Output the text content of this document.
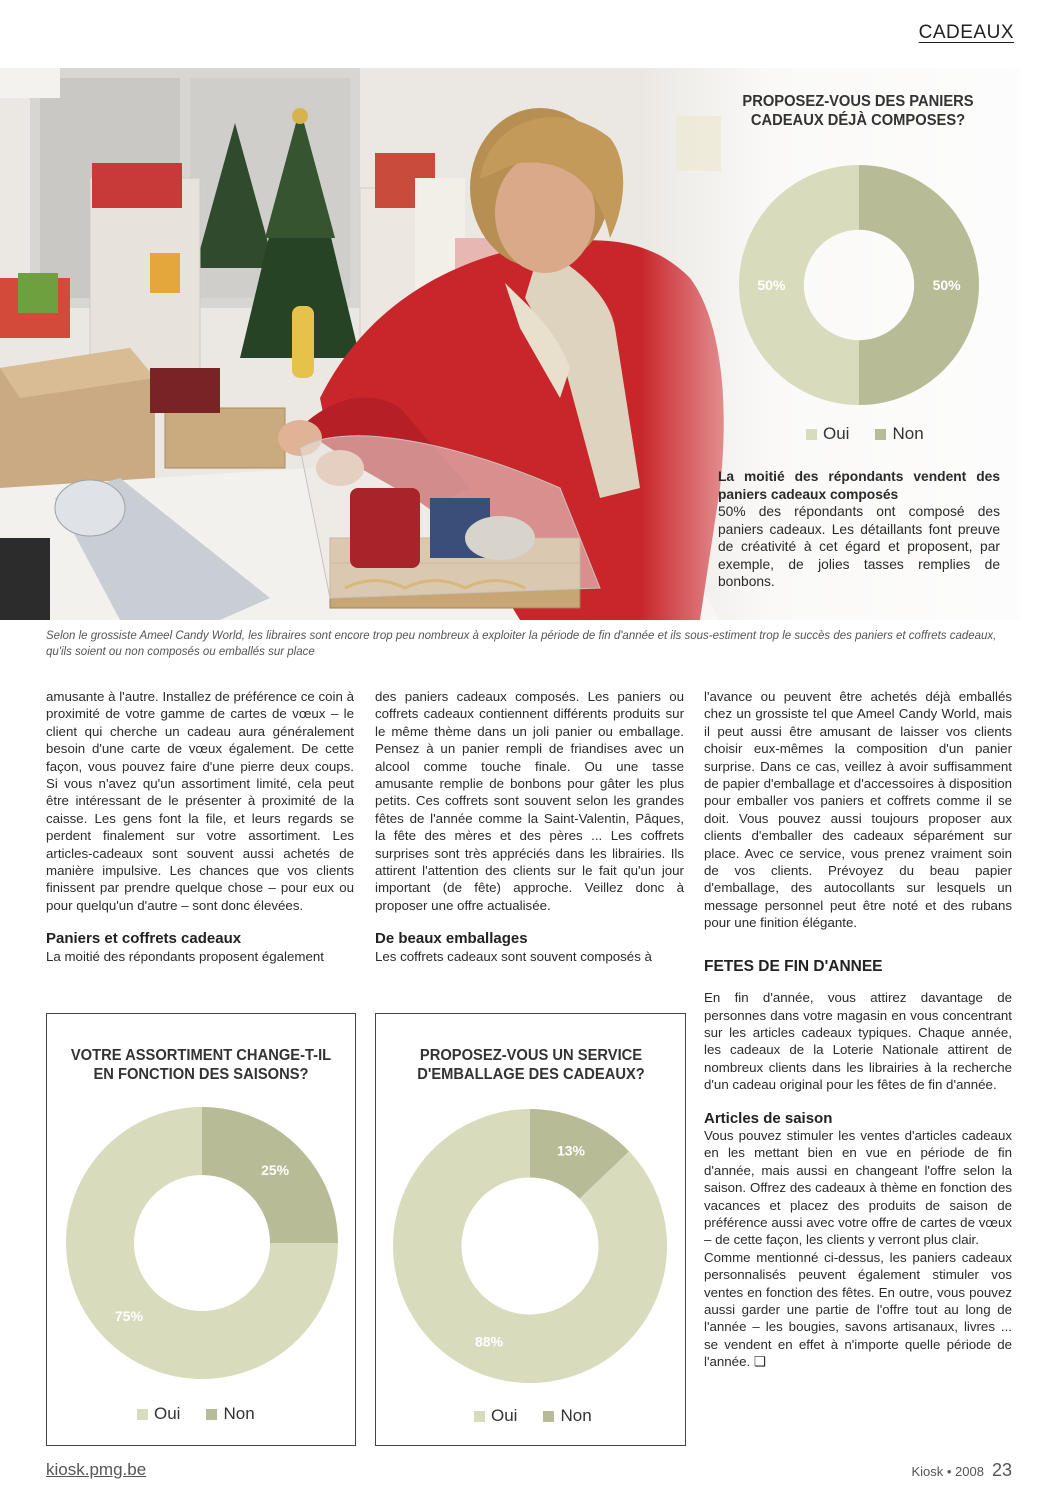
CADEAUX
PROPOSEZ-VOUS DES PANIERS CADEAUX DÉJÀ COMPOSES?
50%
50%
Oui	Non
La moitié des répondants vendent des paniers cadeaux composés
50% des répondants ont composé des paniers cadeaux. Les détaillants font preuve de créativité à cet égard et proposent, par exemple, de jolies tasses remplies de bonbons.
Selon le grossiste Ameel Candy World, les libraires sont encore trop peu nombreux à exploiter la période de fin d'année et ils sous-estiment trop le succès des paniers et coffrets cadeaux, qu'ils soient ou non composés ou emballés sur place

amusante à l'autre. Installez de préférence ce coin à proximité de votre gamme de cartes de vœux – le client qui cherche un cadeau aura généralement besoin d'une carte de vœux également. De cette façon, vous pouvez faire d'une pierre deux coups. Si vous n'avez qu'un assortiment limité, cela peut être intéressant de le présenter à proximité de la caisse. Les gens font la file, et leurs regards se perdent finalement sur votre assortiment. Les articles-cadeaux sont souvent aussi achetés de manière impulsive. Les chances que vos clients finissent par prendre quelque chose – pour eux ou pour quelqu'un d'autre – sont donc élevées.

Paniers et coffrets cadeaux

La moitié des répondants proposent également

des paniers cadeaux composés. Les paniers ou coffrets cadeaux contiennent différents produits sur le même thème dans un joli panier ou emballage. Pensez à un panier rempli de friandises avec un alcool comme touche finale. Ou une tasse amusante remplie de bonbons pour gâter les plus petits. Ces coffrets sont souvent selon les grandes fêtes de l'année comme la Saint-Valentin, Pâques, la fête des mères et des pères ... Les coffrets surprises sont très appréciés dans les librairies. Ils attirent l'attention des clients sur le fait qu'un jour important (de fête) approche. Veillez donc à proposer une offre actualisée.

De beaux emballages

Les coffrets cadeaux sont souvent composés à

l'avance ou peuvent être achetés déjà emballés chez un grossiste tel que Ameel Candy World, mais il peut aussi être amusant de laisser vos clients choisir eux-mêmes la composition d'un panier surprise. Dans ce cas, veillez à avoir suffisamment de papier d'emballage et d'accessoires à disposition pour emballer vos paniers et coffrets comme il se doit. Vous pouvez aussi toujours proposer aux clients d'emballer des cadeaux séparément sur place. Avec ce service, vous prenez vraiment soin de vos clients. Prévoyez du beau papier d'emballage, des autocollants sur lesquels un message personnel peut être noté et des rubans pour une finition élégante.

FETES DE FIN D'ANNEE

En fin d'année, vous attirez davantage de personnes dans votre magasin en vous concentrant sur les articles cadeaux typiques. Chaque année, les cadeaux de la Loterie Nationale attirent de nombreux clients dans les librairies à la recherche d'un cadeau original pour les fêtes de fin d'année.

Articles de saison

Vous pouvez stimuler les ventes d'articles cadeaux en les mettant bien en vue en période de fin d'année, mais aussi en changeant l'offre selon la saison. Offrez des cadeaux à thème en fonction des vacances et placez des produits de saison de préférence aussi avec votre offre de cartes de vœux – de cette façon, les clients y verront plus clair.

Comme mentionné ci-dessus, les paniers cadeaux personnalisés peuvent également stimuler vos ventes en fonction des fêtes. En outre, vous pouvez aussi garder une partie de l'offre tout au long de l'année – les bougies, savons artisanaux, livres ... se vendent en effet à n'importe quelle période de l'année. ❑

VOTRE ASSORTIMENT CHANGE-T-IL EN FONCTION DES SAISONS?
25%
75%
Oui	Non
PROPOSEZ-VOUS UN SERVICE D'EMBALLAGE DES CADEAUX?
13%
88%
Oui	Non
kiosk.pmg.be	Kiosk • 2008 23
